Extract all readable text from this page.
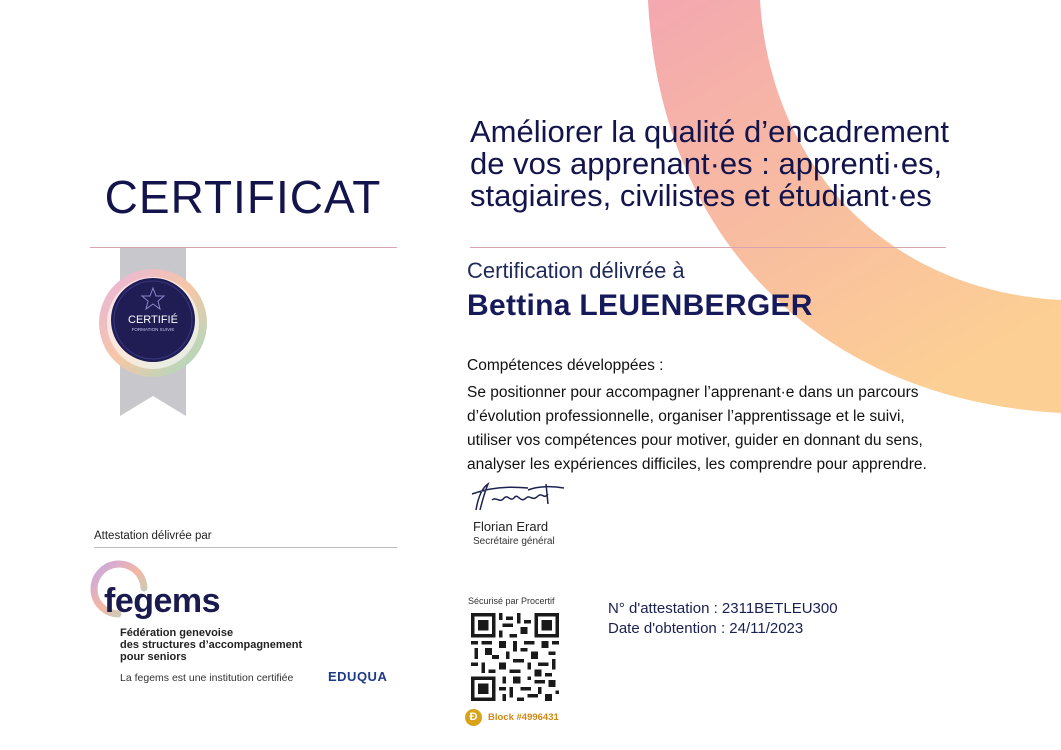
CERTIFICAT
CERTIFIÉ
FORMATION SUIVIE
Améliorer la qualité d’encadrement de vos apprenant·es : apprenti·es, stagiaires, civilistes et étudiant·es
Certification délivrée à
Bettina LEUENBERGER
Compétences développées :
Se positionner pour accompagner l’apprenant·e dans un parcours d’évolution professionnelle, organiser l’apprentissage et le suivi, utiliser vos compétences pour motiver, guider en donnant du sens, analyser les expériences difficiles, les comprendre pour apprendre.
Florian Erard
Secrétaire général
Sécurisé par Procertif
Ð	Block #4996431
N° d'attestation : 2311BETLEU300
Date d'obtention : 24/11/2023
Attestation délivrée par
fegems
Fédération genevoise
des structures d’accompagnement
pour seniors
La fegems est une institution certifiée	EDUQUA
